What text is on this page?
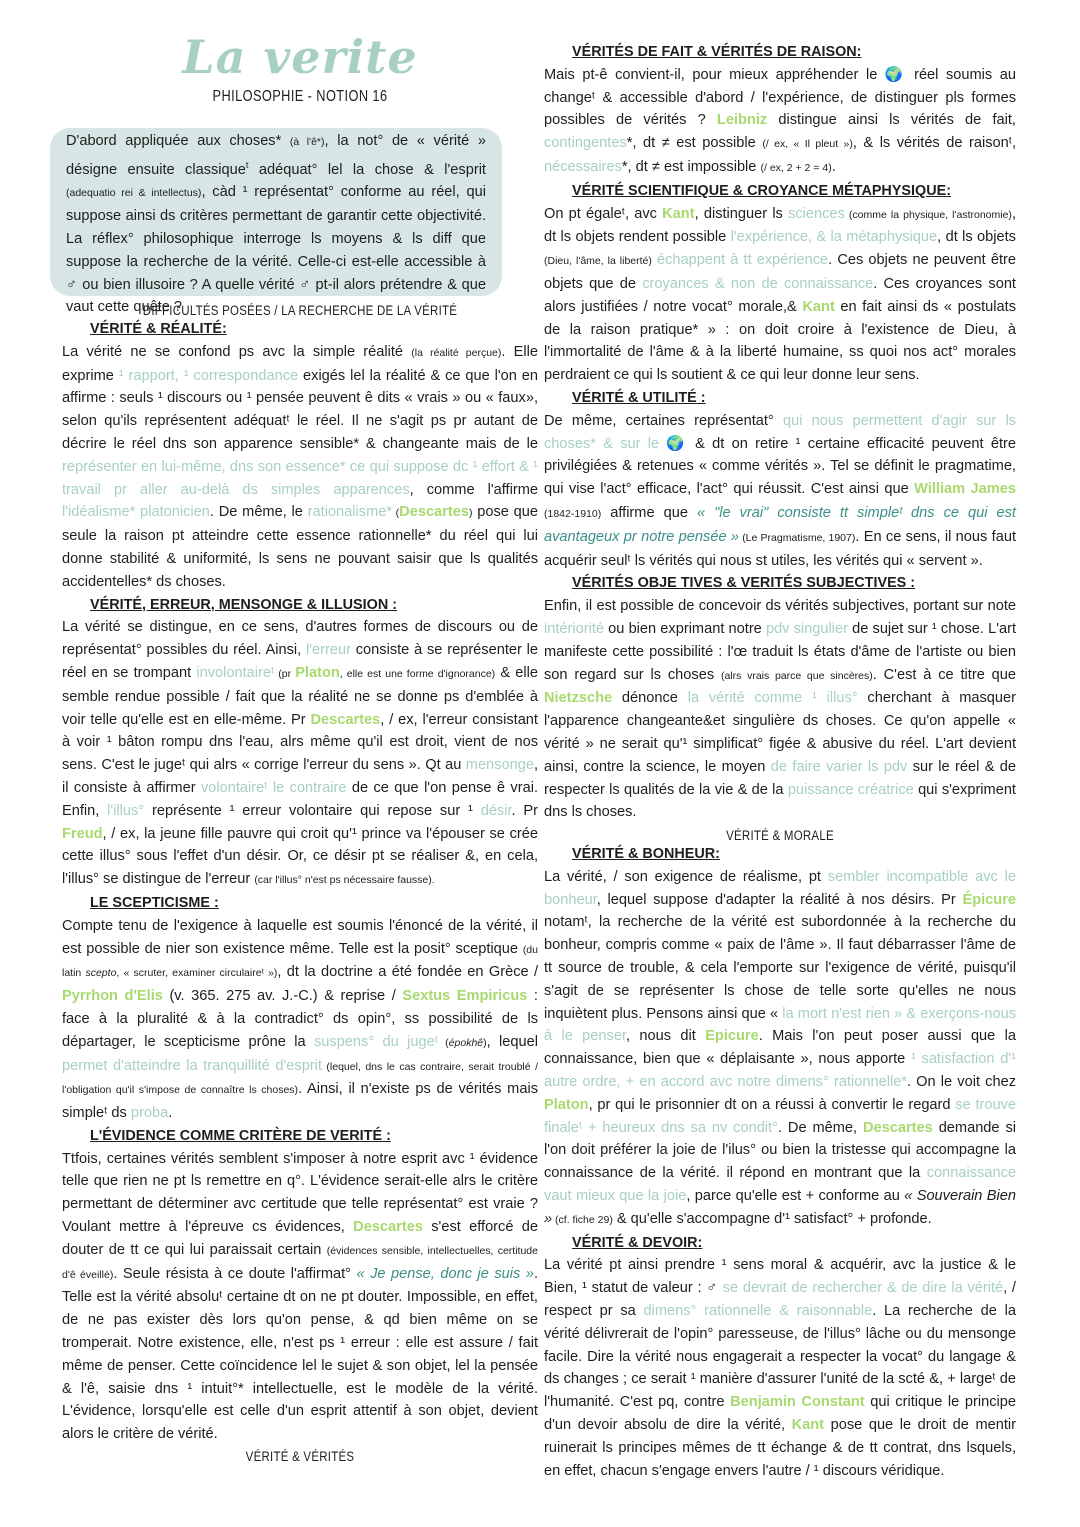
La verite
PHILOSOPHIE - NOTION 16
D'abord appliquée aux choses* (à l'ê*), la not° de « vérité » désigne ensuite classique$^t$ adéquat° lel la chose & l'esprit (adequatio rei & intellectus), càd ¹ représentat° conforme au réel, qui suppose ainsi ds critères permettant de garantir cette objectivité. La réflex° philosophique interroge ls moyens & ls diff que suppose la recherche de la vérité. Celle-ci est-elle accessible à ♂ ou bien illusoire ? A quelle vérité ♂ pt-il alors prétendre & que vaut cette quête ?
DIFFICULTÉS POSÉES / LA RECHERCHE DE LA VÉRITÉ
VÉRITÉ & RÉALITÉ:

La vérité ne se confond ps avc la simple réalité (la réalité perçue). Elle exprime ¹ rapport, ¹ correspondance exigés lel la réalité & ce que l'on en affirme : seuls ¹ discours ou ¹ pensée peuvent ê dits « vrais » ou « faux», selon qu'ils représentent adéquatᵗ le réel. Il ne s'agit ps pr autant de décrire le réel dns son apparence sensible* & changeante mais de le représenter en lui-même, dns son essence* ce qui suppose dc ¹ effort & ¹ travail pr aller au-delà ds simples apparences, comme l'affirme l'idéalisme* platonicien. De même, le rationalisme* (Descartes) pose que seule la raison pt atteindre cette essence rationnelle* du réel qui lui donne stabilité & uniformité, ls sens ne pouvant saisir que ls qualités accidentelles* ds choses.

VÉRITÉ, ERREUR, MENSONGE & ILLUSION :

La vérité se distingue, en ce sens, d'autres formes de discours ou de représentat° possibles du réel. Ainsi, l'erreur consiste à se représenter le réel en se trompant involontaireᵗ (pr Platon, elle est une forme d'ignorance) & elle semble rendue possible / fait que la réalité ne se donne ps d'emblée à voir telle qu'elle est en elle-même. Pr Descartes, / ex, l'erreur consistant à voir ¹ bâton rompu dns l'eau, alrs même qu'il est droit, vient de nos sens. C'est le jugeᵗ qui alrs « corrige l'erreur du sens ». Qt au mensonge, il consiste à affirmer volontaireᵗ le contraire de ce que l'on pense ê vrai. Enfin, l'illus° représente ¹ erreur volontaire qui repose sur ¹ désir. Pr Freud, / ex, la jeune fille pauvre qui croit qu'¹ prince va l'épouser se crée cette illus° sous l'effet d'un désir. Or, ce désir pt se réaliser &, en cela, l'illus° se distingue de l'erreur (car l'illus° n'est ps nécessaire fausse).

LE SCEPTICISME :

Compte tenu de l'exigence à laquelle est soumis l'énoncé de la vérité, il est possible de nier son existence même. Telle est la posit° sceptique (du latin scepto, « scruter, examiner circulaireᵗ »), dt la doctrine a été fondée en Grèce / Pyrrhon d'Elis (v. 365. 275 av. J.-C.) & reprise / Sextus Empiricus : face à la pluralité & à la contradict° ds opin°, ss possibilité de ls départager, le scepticisme prône la suspens° du jugeᵗ (épokhê), lequel permet d'atteindre la tranquillité d'esprit (lequel, dns le cas contraire, serait troublé / l'obligation qu'il s'impose de connaître ls choses). Ainsi, il n'existe ps de vérités mais simpleᵗ ds proba.

L'ÉVIDENCE COMME CRITÈRE DE VERITÉ :

Ttfois, certaines vérités semblent s'imposer à notre esprit avc ¹ évidence telle que rien ne pt ls remettre en q°. L'évidence serait-elle alrs le critère permettant de déterminer avc certitude que telle représentat° est vraie ? Voulant mettre à l'épreuve cs évidences, Descartes s'est efforcé de douter de tt ce qui lui paraissait certain (évidences sensible, intellectuelles, certitude d'ê éveillé). Seule résista à ce doute l'affirmat° « Je pense, donc je suis ». Telle est la vérité absoluᵗ certaine dt on ne pt douter. Impossible, en effet, de ne pas exister dès lors qu'on pense, & qd bien même on se tromperait. Notre existence, elle, n'est ps ¹ erreur : elle est assure / fait même de penser. Cette coïncidence lel le sujet & son objet, lel la pensée & l'ê, saisie dns ¹ intuit°* intellectuelle, est le modèle de la vérité. L'évidence, lorsqu'elle est celle d'un esprit attentif à son objet, devient alors le critère de vérité.

VÉRITÉ & VÉRITÉS
VÉRITÉS DE FAIT & VÉRITÉS DE RAISON:

Mais pt-ê convient-il, pour mieux appréhender le 🌍 réel soumis au changeᵗ & accessible d'abord / l'expérience, de distinguer pls formes possibles de vérités ? Leibniz distingue ainsi ls vérités de fait, contingentes*, dt ≠ est possible (/ ex, « Il pleut »), & ls vérités de raisonᵗ, nécessaires*, dt ≠ est impossible (/ ex, 2 + 2 = 4).

VÉRITÉ SCIENTIFIQUE & CROYANCE MÉTAPHYSIQUE:

On pt égaleᵗ, avc Kant, distinguer ls sciences (comme la physique, l'astronomie), dt ls objets rendent possible l'expérience, & la métaphysique, dt ls objets (Dieu, l'âme, la liberté) échappent à tt expérience. Ces objets ne peuvent être objets que de croyances & non de connaissance. Ces croyances sont alors justifiées / notre vocat° morale,& Kant en fait ainsi ds « postulats de la raison pratique* » : on doit croire à l'existence de Dieu, à l'immortalité de l'âme & à la liberté humaine, ss quoi nos act° morales perdraient ce qui ls soutient & ce qui leur donne leur sens.

VÉRITÉ & UTILITÉ :

De même, certaines représentat° qui nous permettent d'agir sur ls choses* & sur le 🌍 & dt on retire ¹ certaine efficacité peuvent être privilégiées & retenues « comme vérités ». Tel se définit le pragmatime, qui vise l'act° efficace, l'act° qui réussit. C'est ainsi que William James (1842-1910) affirme que « "le vrai" consiste tt simpleᵗ dns ce qui est avantageux pr notre pensée » (Le Pragmatisme, 1907). En ce sens, il nous faut acquérir seulᵗ ls vérités qui nous st utiles, les vérités qui « servent ».

VÉRITÉS OBJE TIVES & VERITÉS SUBJECTIVES :

Enfin, il est possible de concevoir ds vérités subjectives, portant sur note intériorité ou bien exprimant notre pdv singulier de sujet sur ¹ chose. L'art manifeste cette possibilité : l'œ traduit ls états d'âme de l'artiste ou bien son regard sur ls choses (alrs vrais parce que sincères). C'est à ce titre que Nietzsche dénonce la vérité comme ¹ illus° cherchant à masquer l'apparence changeante&et singulière ds choses. Ce qu'on appelle « vérité » ne serait qu'¹ simplificat° figée & abusive du réel. L'art devient ainsi, contre la science, le moyen de faire varier ls pdv sur le réel & de respecter ls qualités de la vie & de la puissance créatrice qui s'expriment dns ls choses.

VÉRITÉ & MORALE
VÉRITÉ & BONHEUR:

La vérité, / son exigence de réalisme, pt sembler incompatible avc le bonheur, lequel suppose d'adapter la réalité à nos désirs. Pr Épicure notamᵗ, la recherche de la vérité est subordonnée à la recherche du bonheur, compris comme « paix de l'âme ». Il faut débarrasser l'âme de tt source de trouble, & cela l'emporte sur l'exigence de vérité, puisqu'il s'agit de se représenter ls chose de telle sorte qu'elles ne nous inquiètent plus. Pensons ainsi que « la mort n'est rien » & exerçons-nous à le penser, nous dit Epicure. Mais l'on peut poser aussi que la connaissance, bien que « déplaisante », nous apporte ¹ satisfaction d'¹ autre ordre, + en accord avc notre dimens° rationnelle*. On le voit chez Platon, pr qui le prisonnier dt on a réussi à convertir le regard se trouve finaleᵗ + heureux dns sa nv condit°. De même, Descartes demande si l'on doit préférer la joie de l'ilus° ou bien la tristesse qui accompagne la connaissance de la vérité. il répond en montrant que la connaissance vaut mieux que la joie, parce qu'elle est + conforme au « Souverain Bien » (cf. fiche 29) & qu'elle s'accompagne d'¹ satisfact° + profonde.

VÉRITÉ & DEVOIR:

La vérité pt ainsi prendre ¹ sens moral & acquérir, avc la justice & le Bien, ¹ statut de valeur : ♂ se devrait de rechercher & de dire la vérité, / respect pr sa dimens° rationnelle & raisonnable. La recherche de la vérité délivrerait de l'opin° paresseuse, de l'illus° lâche ou du mensonge facile. Dire la vérité nous engagerait a respecter la vocat° du langage & ds changes ; ce serait ¹ manière d'assurer l'unité de la scté &, + largeᵗ de l'humanité. C'est pq, contre Benjamin Constant qui critique le principe d'un devoir absolu de dire la vérité, Kant pose que le droit de mentir ruinerait ls principes mêmes de tt échange & de tt contrat, dns lsquels, en effet, chacun s'engage envers l'autre / ¹ discours véridique.
